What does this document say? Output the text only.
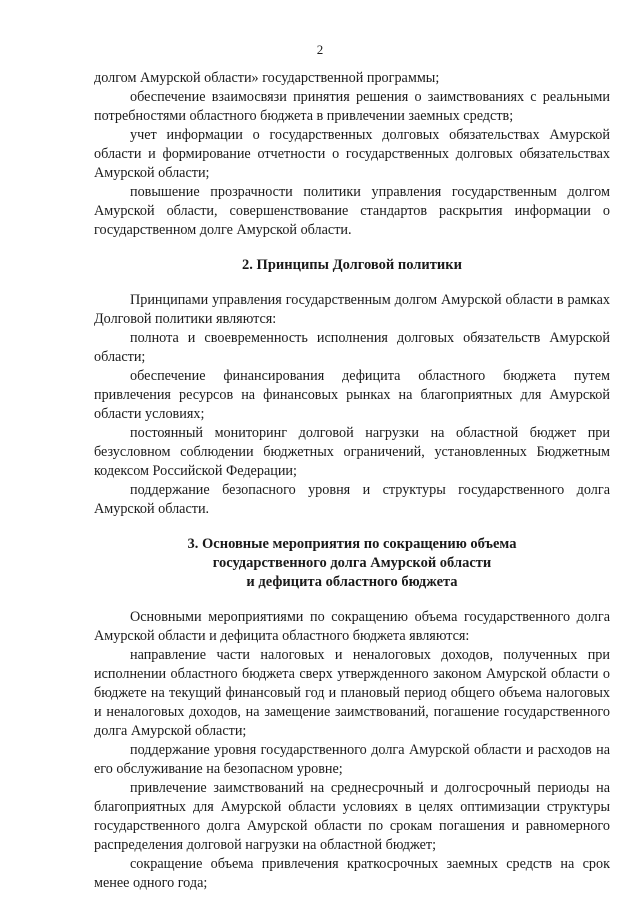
2

долгом Амурской области» государственной программы;

обеспечение взаимосвязи принятия решения о заимствованиях с реальными потребностями областного бюджета в привлечении заемных средств;

учет информации о государственных долговых обязательствах Амурской области и формирование отчетности о государственных долговых обязательствах Амурской области;

повышение прозрачности политики управления государственным долгом Амурской области, совершенствование стандартов раскрытия информации о государственном долге Амурской области.

2. Принципы Долговой политики

Принципами управления государственным долгом Амурской области в рамках Долговой политики являются:

полнота и своевременность исполнения долговых обязательств Амурской области;

обеспечение финансирования дефицита областного бюджета путем привлечения ресурсов на финансовых рынках на благоприятных для Амурской области условиях;

постоянный мониторинг долговой нагрузки на областной бюджет при безусловном соблюдении бюджетных ограничений, установленных Бюджетным кодексом Российской Федерации;

поддержание безопасного уровня и структуры государственного долга Амурской области.

3. Основные мероприятия по сокращению объема
государственного долга Амурской области
и дефицита областного бюджета

Основными мероприятиями по сокращению объема государственного долга Амурской области и дефицита областного бюджета являются:

направление части налоговых и неналоговых доходов, полученных при исполнении областного бюджета сверх утвержденного законом Амурской области о бюджете на текущий финансовый год и плановый период общего объема налоговых и неналоговых доходов, на замещение заимствований, погашение государственного долга Амурской области;

поддержание уровня государственного долга Амурской области и расходов на его обслуживание на безопасном уровне;

привлечение заимствований на среднесрочный и долгосрочный периоды на благоприятных для Амурской области условиях в целях оптимизации структуры государственного долга Амурской области по срокам погашения и равномерного распределения долговой нагрузки на областной бюджет;

сокращение объема привлечения краткосрочных заемных средств на срок менее одного года;
